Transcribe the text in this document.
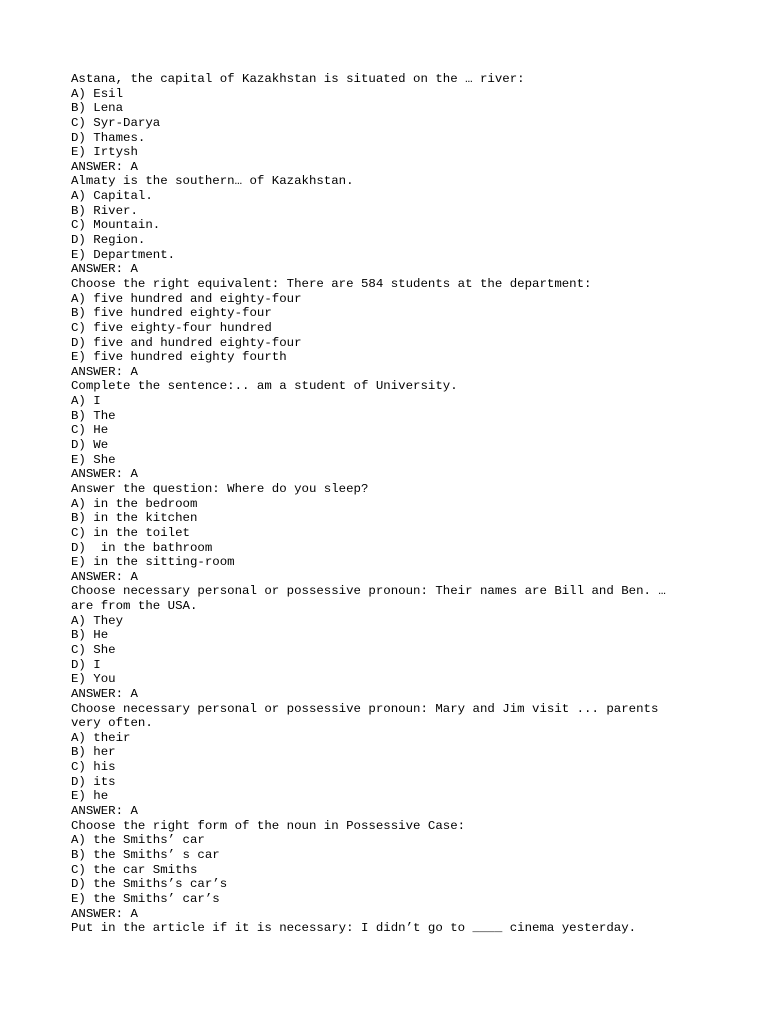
Astana, the capital of Kazakhstan is situated on the … river:
A) Esil
B) Lena
C) Syr-Darya
D) Thames.
E) Irtysh
ANSWER: A
Almaty is the southern… of Kazakhstan.
A) Capital.
B) River.
C) Mountain.
D) Region.
E) Department.
ANSWER: A
Choose the right equivalent: There are 584 students at the department:
A) five hundred and eighty-four
B) five hundred eighty-four
C) five eighty-four hundred
D) five and hundred eighty-four
E) five hundred eighty fourth
ANSWER: A
Complete the sentence:.. am a student of University.
A) I
B) The
C) He
D) We
E) She
ANSWER: A
Answer the question: Where do you sleep?
A) in the bedroom
B) in the kitchen
C) in the toilet
D)  in the bathroom
E) in the sitting-room
ANSWER: A
Choose necessary personal or possessive pronoun: Their names are Bill and Ben. …
are from the USA.
A) They
B) He
C) She
D) I
E) You
ANSWER: A
Choose necessary personal or possessive pronoun: Mary and Jim visit ... parents
very often.
A) their
B) her
C) his
D) its
E) he
ANSWER: A
Choose the right form of the noun in Possessive Case:
A) the Smiths’ car
B) the Smiths’ s car
C) the car Smiths
D) the Smiths’s car’s
E) the Smiths’ car’s
ANSWER: A
Put in the article if it is necessary: I didn’t go to ____ cinema yesterday.
